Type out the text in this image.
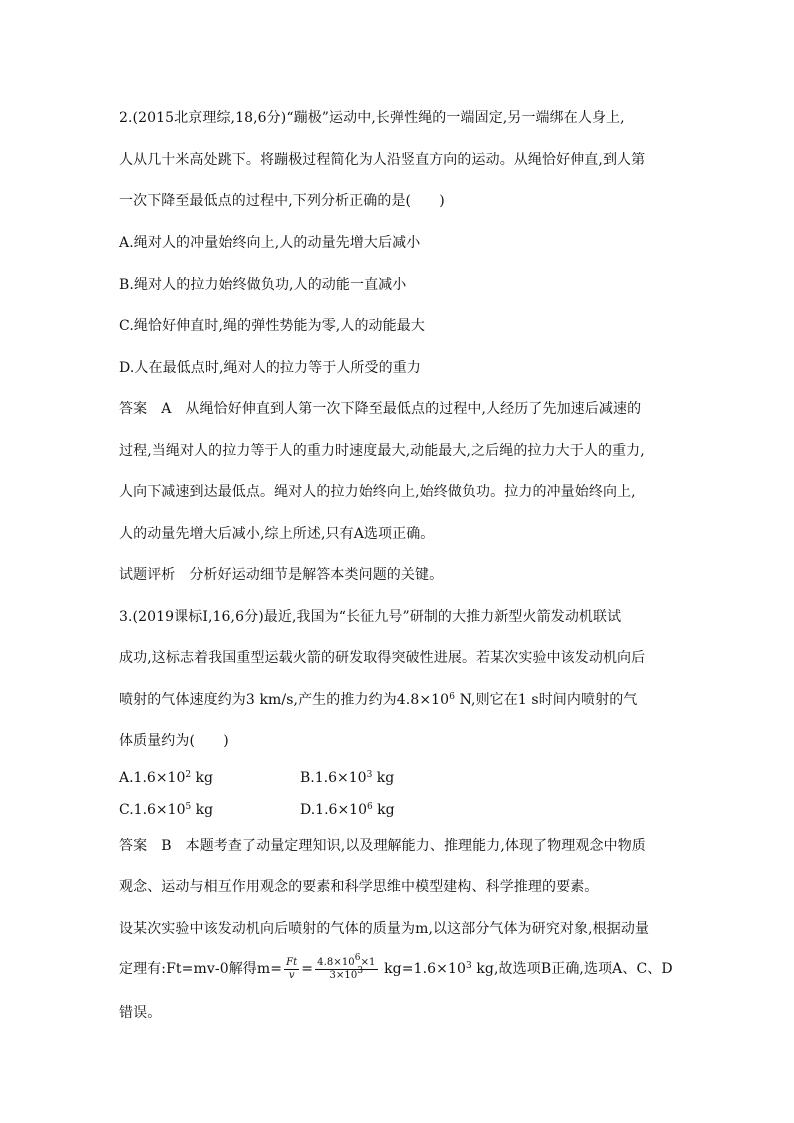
2.(2015北京理综,18,6分)“蹦极”运动中,长弹性绳的一端固定,另一端绑在人身上,
人从几十米高处跳下。将蹦极过程简化为人沿竖直方向的运动。从绳恰好伸直,到人第
一次下降至最低点的过程中,下列分析正确的是(　　)
A.绳对人的冲量始终向上,人的动量先增大后减小
B.绳对人的拉力始终做负功,人的动能一直减小
C.绳恰好伸直时,绳的弹性势能为零,人的动能最大
D.人在最低点时,绳对人的拉力等于人所受的重力
答案 A 从绳恰好伸直到人第一次下降至最低点的过程中,人经历了先加速后减速的
过程,当绳对人的拉力等于人的重力时速度最大,动能最大,之后绳的拉力大于人的重力,
人向下减速到达最低点。绳对人的拉力始终向上,始终做负功。拉力的冲量始终向上,
人的动量先增大后减小,综上所述,只有A选项正确。
试题评析 分析好运动细节是解答本类问题的关键。
3.(2019课标Ⅰ,16,6分)最近,我国为“长征九号”研制的大推力新型火箭发动机联试
成功,这标志着我国重型运载火箭的研发取得突破性进展。若某次实验中该发动机向后
喷射的气体速度约为3 km/s,产生的推力约为$4.8\times 10^6$ N,则它在1 s时间内喷射的气
体质量约为(　　)
$A.1.6\times 10^2$ kg	$B.1.6\times 10^3$ kg
$C.1.6\times 10^5$ kg	$D.1.6\times 10^6$ kg
答案 B 本题考查了动量定理知识,以及理解能力、推理能力,体现了物理观念中物质
观念、运动与相互作用观念的要素和科学思维中模型建构、科学推理的要素。
设某次实验中该发动机向后喷射的气体的质量为m,以这部分气体为研究对象,根据动量
定理有:Ft=mv-0解得$m= \frac{Ft}{v} = \frac{4.8\times 10^6\times 1}{3\times 10^3} kg=1.6\times 10^3$ kg,故选项B正确,选项A、C、D
错误。
